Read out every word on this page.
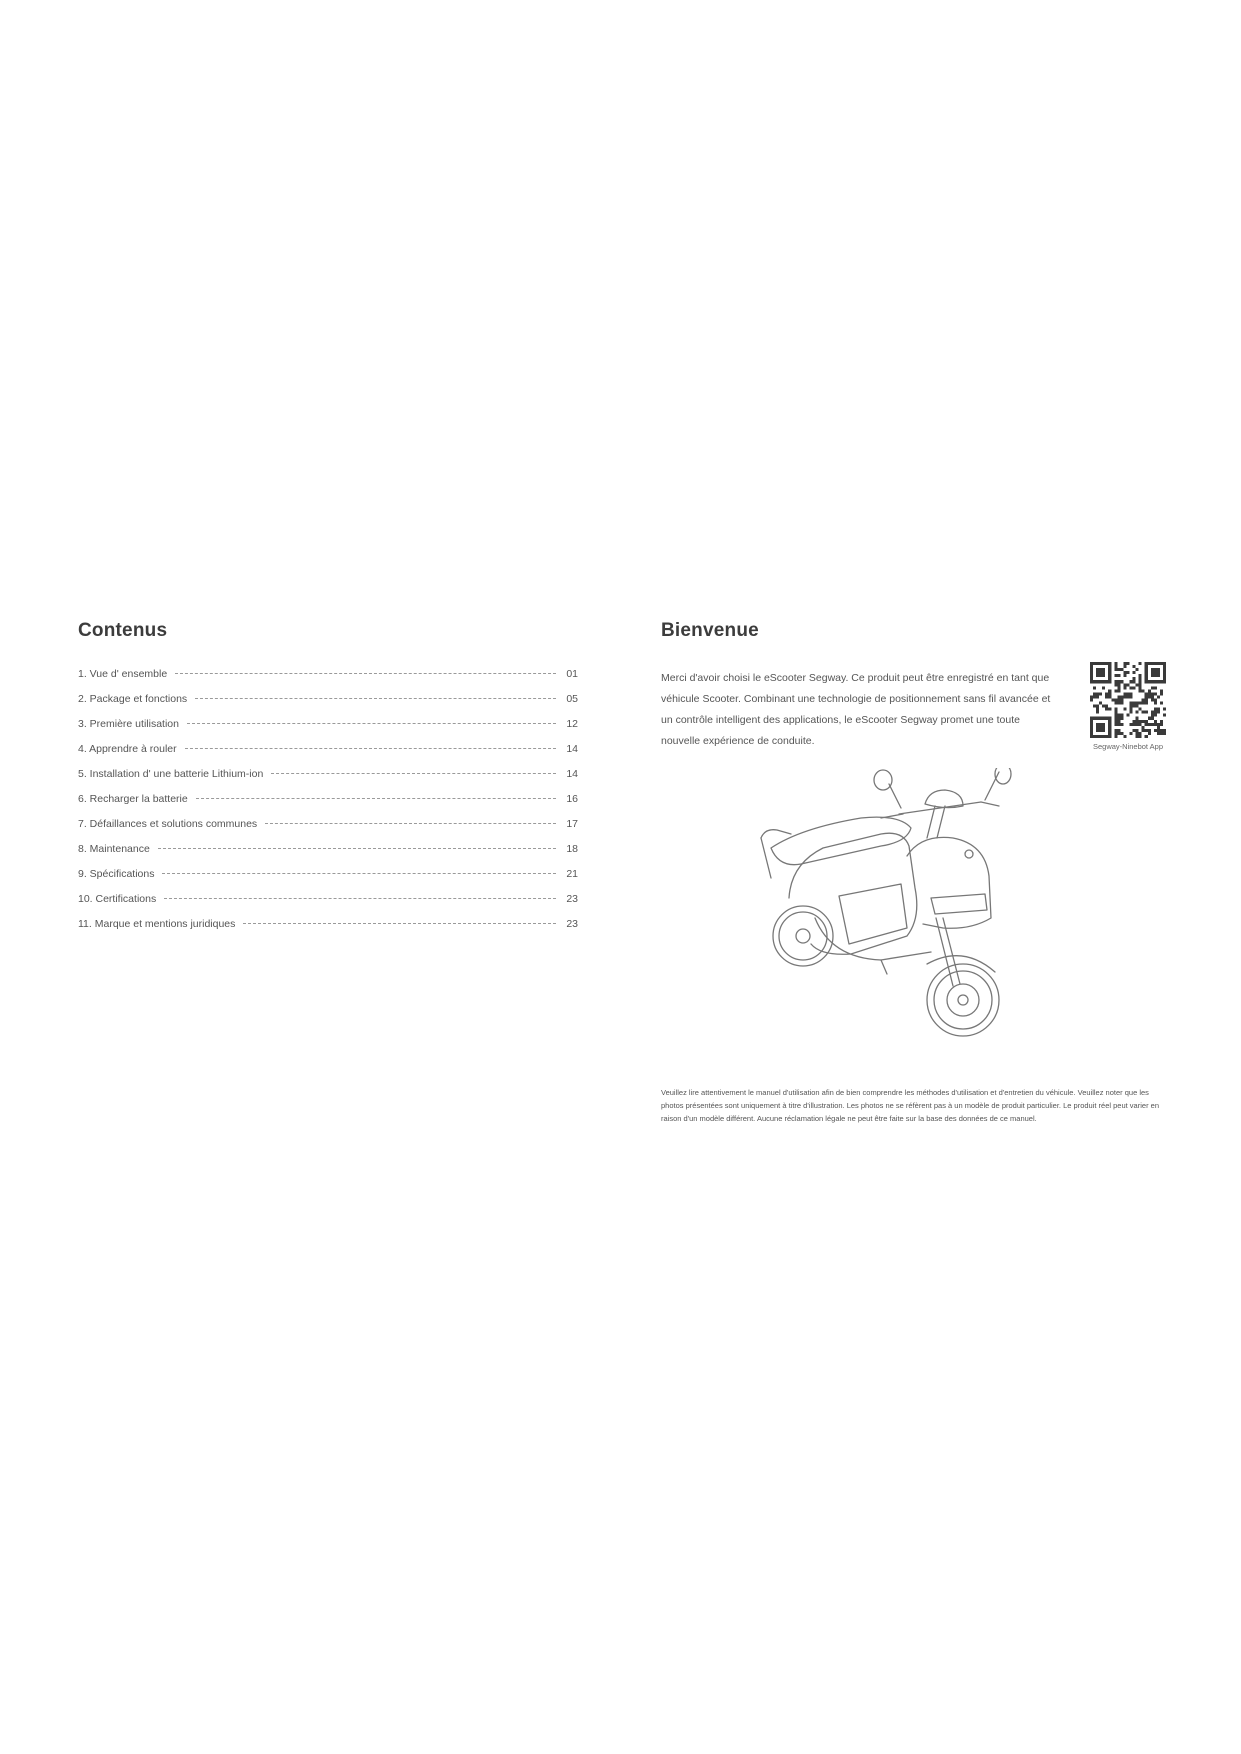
Contenus
1. Vue d' ensemble	01
2. Package et fonctions	05
3. Première utilisation	12
4. Apprendre à rouler	14
5. Installation d' une batterie Lithium-ion	14
6. Recharger la batterie	16
7. Défaillances et solutions communes	17
8. Maintenance	18
9. Spécifications	21
10. Certifications	23
11. Marque et mentions juridiques	23
Bienvenue

Merci d'avoir choisi le eScooter Segway. Ce produit peut être enregistré en tant que véhicule Scooter. Combinant une technologie de positionnement sans fil avancée et un contrôle intelligent des applications, le eScooter Segway promet une toute nouvelle expérience de conduite.	Segway-Ninebot App

Veuillez lire attentivement le manuel d'utilisation afin de bien comprendre les méthodes d'utilisation et d'entretien du véhicule. Veuillez noter que les photos présentées sont uniquement à titre d'illustration. Les photos ne se réfèrent pas à un modèle de produit particulier. Le produit réel peut varier en raison d'un modèle différent. Aucune réclamation légale ne peut être faite sur la base des données de ce manuel.
